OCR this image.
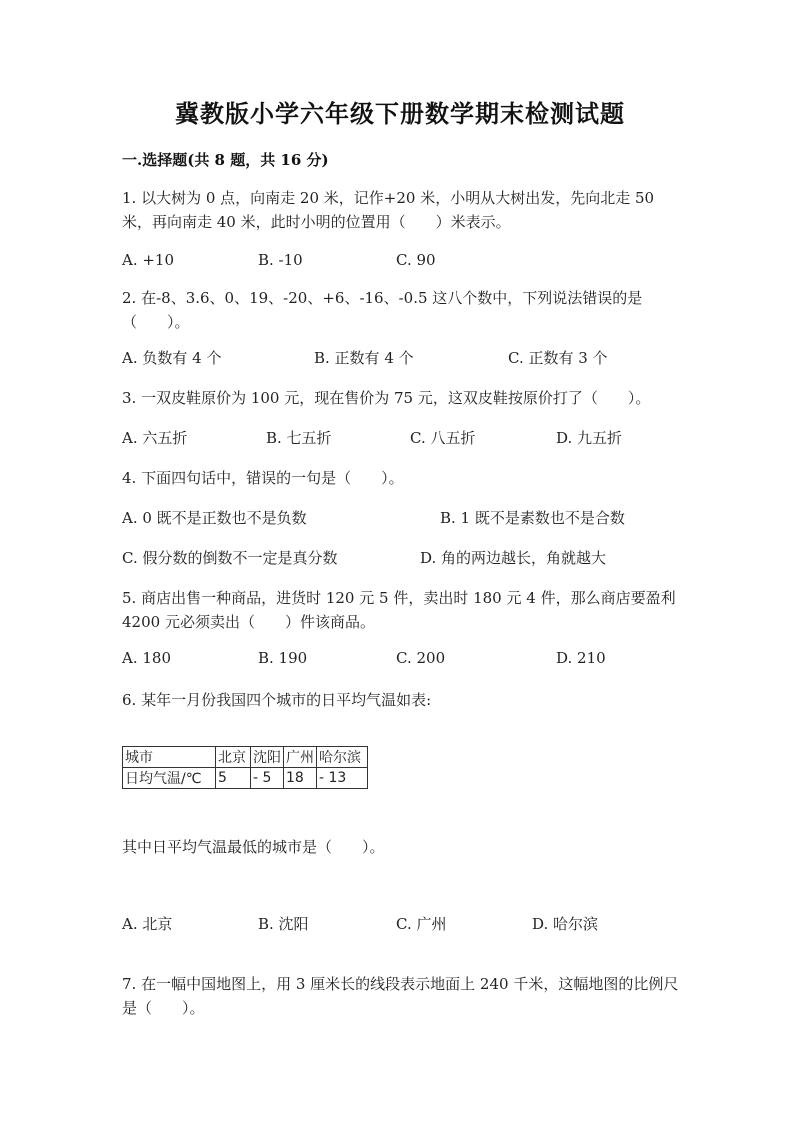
冀教版小学六年级下册数学期末检测试题
一.选择题(共 8 题，共 16 分)
1. 以大树为 0 点，向南走 20 米，记作+20 米，小明从大树出发，先向北走 50 米，再向南走 40 米，此时小明的位置用（　　）米表示。
A. +10	B. -10	C. 90
2. 在-8、3.6、0、19、-20、+6、-16、-0.5 这八个数中，下列说法错误的是（　　）。
A. 负数有 4 个	B. 正数有 4 个	C. 正数有 3 个
3. 一双皮鞋原价为 100 元，现在售价为 75 元，这双皮鞋按原价打了（　　）。
A. 六五折	B. 七五折	C. 八五折	D. 九五折
4. 下面四句话中，错误的一句是（　　）。
A. 0 既不是正数也不是负数	B. 1 既不是素数也不是合数
C. 假分数的倒数不一定是真分数	D. 角的两边越长，角就越大
5. 商店出售一种商品，进货时 120 元 5 件，卖出时 180 元 4 件，那么商店要盈利 4200 元必须卖出（　　）件该商品。
A. 180	B. 190	C. 200	D. 210
6. 某年一月份我国四个城市的日平均气温如表:
城市	北京	沈阳	广州	哈尔滨
日均气温/℃	5	- 5	18	- 13
其中日平均气温最低的城市是（　　）。
A. 北京	B. 沈阳	C. 广州	D. 哈尔滨
7. 在一幅中国地图上，用 3 厘米长的线段表示地面上 240 千米，这幅地图的比例尺是（　　）。
